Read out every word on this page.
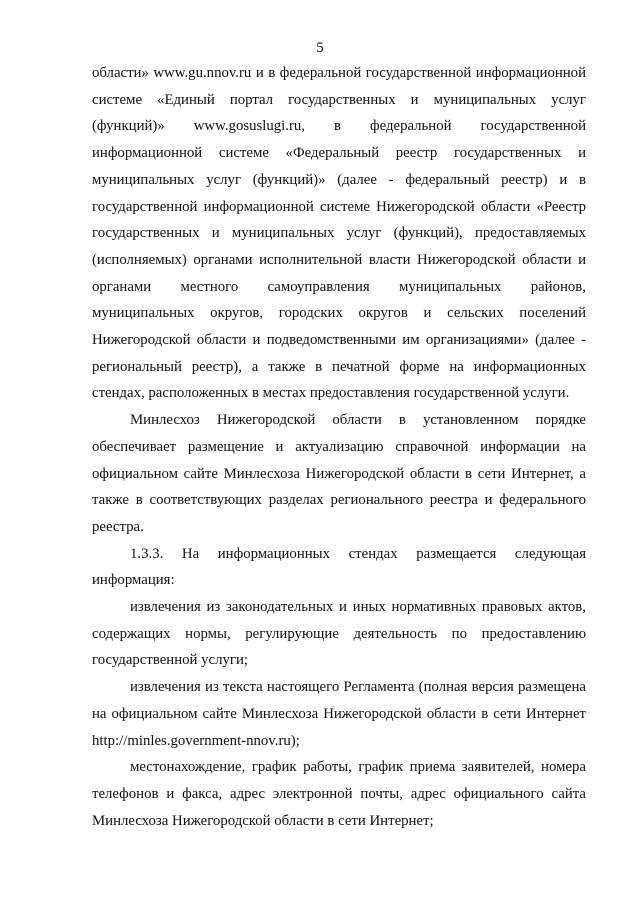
5

области» www.gu.nnov.ru и в федеральной государственной информационной системе «Единый портал государственных и муниципальных услуг (функций)» www.gosuslugi.ru, в федеральной государственной информационной системе «Федеральный реестр государственных и муниципальных услуг (функций)» (далее - федеральный реестр) и в государственной информационной системе Нижегородской области «Реестр государственных и муниципальных услуг (функций), предоставляемых (исполняемых) органами исполнительной власти Нижегородской области и органами местного самоуправления муниципальных районов, муниципальных округов, городских округов и сельских поселений Нижегородской области и подведомственными им организациями» (далее - региональный реестр), а также в печатной форме на информационных стендах, расположенных в местах предоставления государственной услуги.

Минлесхоз Нижегородской области в установленном порядке обеспечивает размещение и актуализацию справочной информации на официальном сайте Минлесхоза Нижегородской области в сети Интернет, а также в соответствующих разделах регионального реестра и федерального реестра.

1.3.3. На информационных стендах размещается следующая информация:

извлечения из законодательных и иных нормативных правовых актов, содержащих нормы, регулирующие деятельность по предоставлению государственной услуги;

извлечения из текста настоящего Регламента (полная версия размещена на официальном сайте Минлесхоза Нижегородской области в сети Интернет http://minles.government-nnov.ru);

местонахождение, график работы, график приема заявителей, номера телефонов и факса, адрес электронной почты, адрес официального сайта Минлесхоза Нижегородской области в сети Интернет;
